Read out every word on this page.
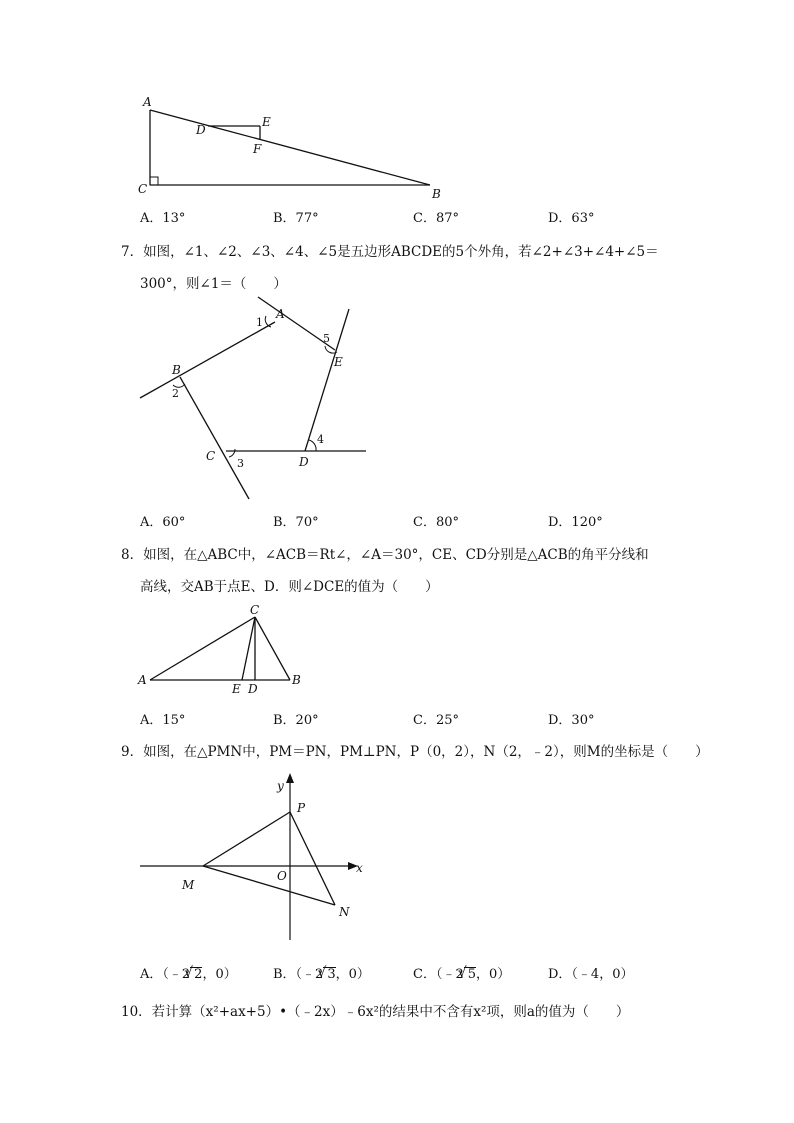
A
D
E
F
C	B
A．13°	B．77°	C．87°	D．63°
7．如图，∠1、∠2、∠3、∠4、∠5是五边形ABCDE的5个外角，若∠2+∠3+∠4+∠5＝
300°，则∠1＝（　　）
A
B
C	D
E
1
2
3
4
5
A．60°	B．70°	C．80°	D．120°
8．如图，在△ABC中，∠ACB＝Rt∠，∠A＝30°，CE、CD分别是△ACB的角平分线和
高线，交AB于点E、D．则∠DCE的值为（　　）
A	B
C
E D
A．15°	B．20°	C．25°	D．30°
9．如图，在△PMN中，PM＝PN，PM⊥PN，P（0，2），N（2，﹣2），则M的坐标是（　　）
y
x
P
O
M
N
A．（﹣2 √ 2，0）	B．（﹣2 √ 3，0）	C．（﹣2 √ 5，0）	D．（﹣4，0）
10．若计算（x²+ax+5）•（﹣2x）﹣6x²的结果中不含有x²项，则a的值为（　　）
